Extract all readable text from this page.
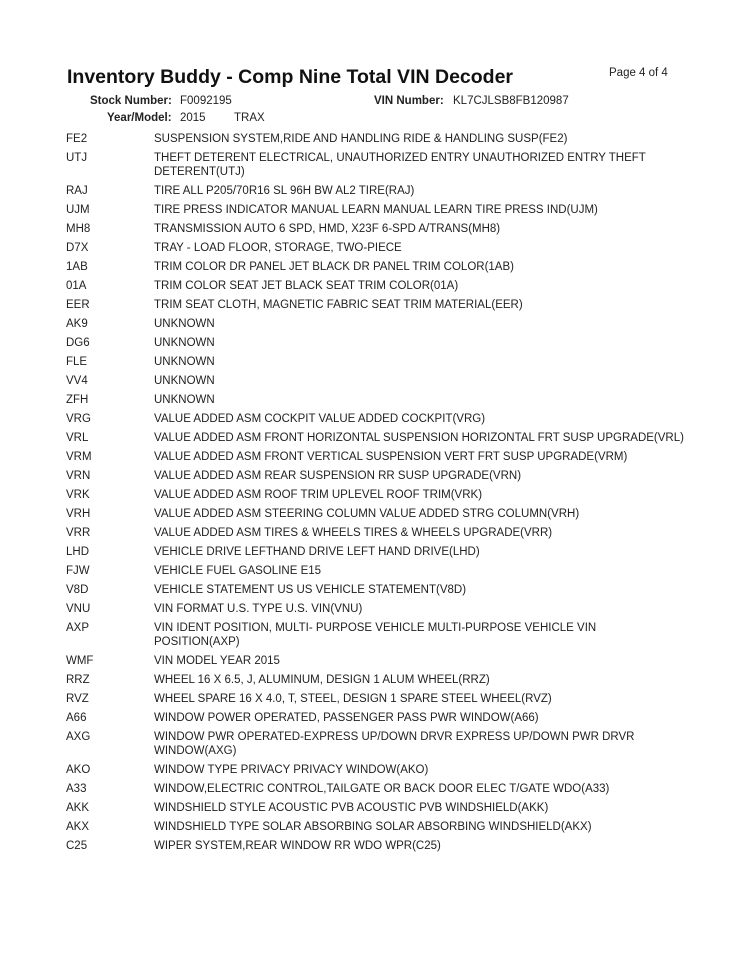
Inventory Buddy - Comp Nine Total VIN Decoder	Page 4 of 4
Stock Number: F0092195	VIN Number: KL7CJLSB8FB120987
Year/Model: 2015 TRAX
FE2	SUSPENSION SYSTEM,RIDE AND HANDLING RIDE & HANDLING SUSP(FE2)
UTJ	THEFT DETERENT ELECTRICAL, UNAUTHORIZED ENTRY UNAUTHORIZED ENTRY THEFT DETERENT(UTJ)
RAJ	TIRE ALL P205/70R16 SL 96H BW AL2 TIRE(RAJ)
UJM	TIRE PRESS INDICATOR MANUAL LEARN MANUAL LEARN TIRE PRESS IND(UJM)
MH8	TRANSMISSION AUTO 6 SPD, HMD, X23F 6-SPD A/TRANS(MH8)
D7X	TRAY - LOAD FLOOR, STORAGE, TWO-PIECE
1AB	TRIM COLOR DR PANEL JET BLACK DR PANEL TRIM COLOR(1AB)
01A	TRIM COLOR SEAT JET BLACK SEAT TRIM COLOR(01A)
EER	TRIM SEAT CLOTH, MAGNETIC FABRIC SEAT TRIM MATERIAL(EER)
AK9	UNKNOWN
DG6	UNKNOWN
FLE	UNKNOWN
VV4	UNKNOWN
ZFH	UNKNOWN
VRG	VALUE ADDED ASM COCKPIT VALUE ADDED COCKPIT(VRG)
VRL	VALUE ADDED ASM FRONT HORIZONTAL SUSPENSION HORIZONTAL FRT SUSP UPGRADE(VRL)
VRM	VALUE ADDED ASM FRONT VERTICAL SUSPENSION VERT FRT SUSP UPGRADE(VRM)
VRN	VALUE ADDED ASM REAR SUSPENSION RR SUSP UPGRADE(VRN)
VRK	VALUE ADDED ASM ROOF TRIM UPLEVEL ROOF TRIM(VRK)
VRH	VALUE ADDED ASM STEERING COLUMN VALUE ADDED STRG COLUMN(VRH)
VRR	VALUE ADDED ASM TIRES & WHEELS TIRES & WHEELS UPGRADE(VRR)
LHD	VEHICLE DRIVE LEFTHAND DRIVE LEFT HAND DRIVE(LHD)
FJW	VEHICLE FUEL GASOLINE E15
V8D	VEHICLE STATEMENT US US VEHICLE STATEMENT(V8D)
VNU	VIN FORMAT U.S. TYPE U.S. VIN(VNU)
AXP	VIN IDENT POSITION, MULTI- PURPOSE VEHICLE MULTI-PURPOSE VEHICLE VIN POSITION(AXP)
WMF	VIN MODEL YEAR 2015
RRZ	WHEEL 16 X 6.5, J, ALUMINUM, DESIGN 1 ALUM WHEEL(RRZ)
RVZ	WHEEL SPARE 16 X 4.0, T, STEEL, DESIGN 1 SPARE STEEL WHEEL(RVZ)
A66	WINDOW POWER OPERATED, PASSENGER PASS PWR WINDOW(A66)
AXG	WINDOW PWR OPERATED-EXPRESS UP/DOWN DRVR EXPRESS UP/DOWN PWR DRVR WINDOW(AXG)
AKO	WINDOW TYPE PRIVACY PRIVACY WINDOW(AKO)
A33	WINDOW,ELECTRIC CONTROL,TAILGATE OR BACK DOOR ELEC T/GATE WDO(A33)
AKK	WINDSHIELD STYLE ACOUSTIC PVB ACOUSTIC PVB WINDSHIELD(AKK)
AKX	WINDSHIELD TYPE SOLAR ABSORBING SOLAR ABSORBING WINDSHIELD(AKX)
C25	WIPER SYSTEM,REAR WINDOW RR WDO WPR(C25)
